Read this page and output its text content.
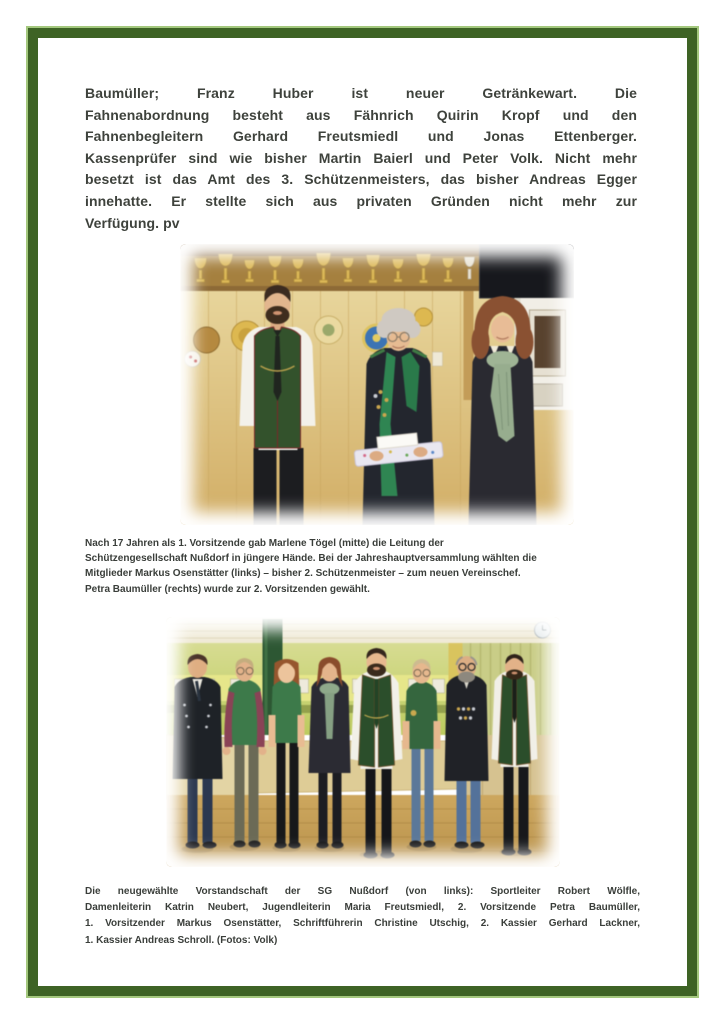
Baumüller; Franz Huber ist neuer Getränkewart. Die
Fahnenabordnung besteht aus Fähnrich Quirin Kropf und den
Fahnenbegleitern Gerhard Freutsmiedl und Jonas Ettenberger.
Kassenprüfer sind wie bisher Martin Baierl und Peter Volk. Nicht mehr
besetzt ist das Amt des 3. Schützenmeisters, das bisher Andreas Egger
innehatte. Er stellte sich aus privaten Gründen nicht mehr zur
Verfügung. pv
Nach 17 Jahren als 1. Vorsitzende gab Marlene Tögel (mitte) die Leitung der
Schützengesellschaft Nußdorf in jüngere Hände. Bei der Jahreshauptversammlung wählten die
Mitglieder Markus Osenstätter (links) – bisher 2. Schützenmeister – zum neuen Vereinschef.
Petra Baumüller (rechts) wurde zur 2. Vorsitzenden gewählt.
Die neugewählte Vorstandschaft der SG Nußdorf (von links): Sportleiter Robert Wölfle,
Damenleiterin Katrin Neubert, Jugendleiterin Maria Freutsmiedl, 2. Vorsitzende Petra Baumüller,
1. Vorsitzender Markus Osenstätter, Schriftführerin Christine Utschig, 2. Kassier Gerhard Lackner,
1. Kassier Andreas Schroll. (Fotos: Volk)
